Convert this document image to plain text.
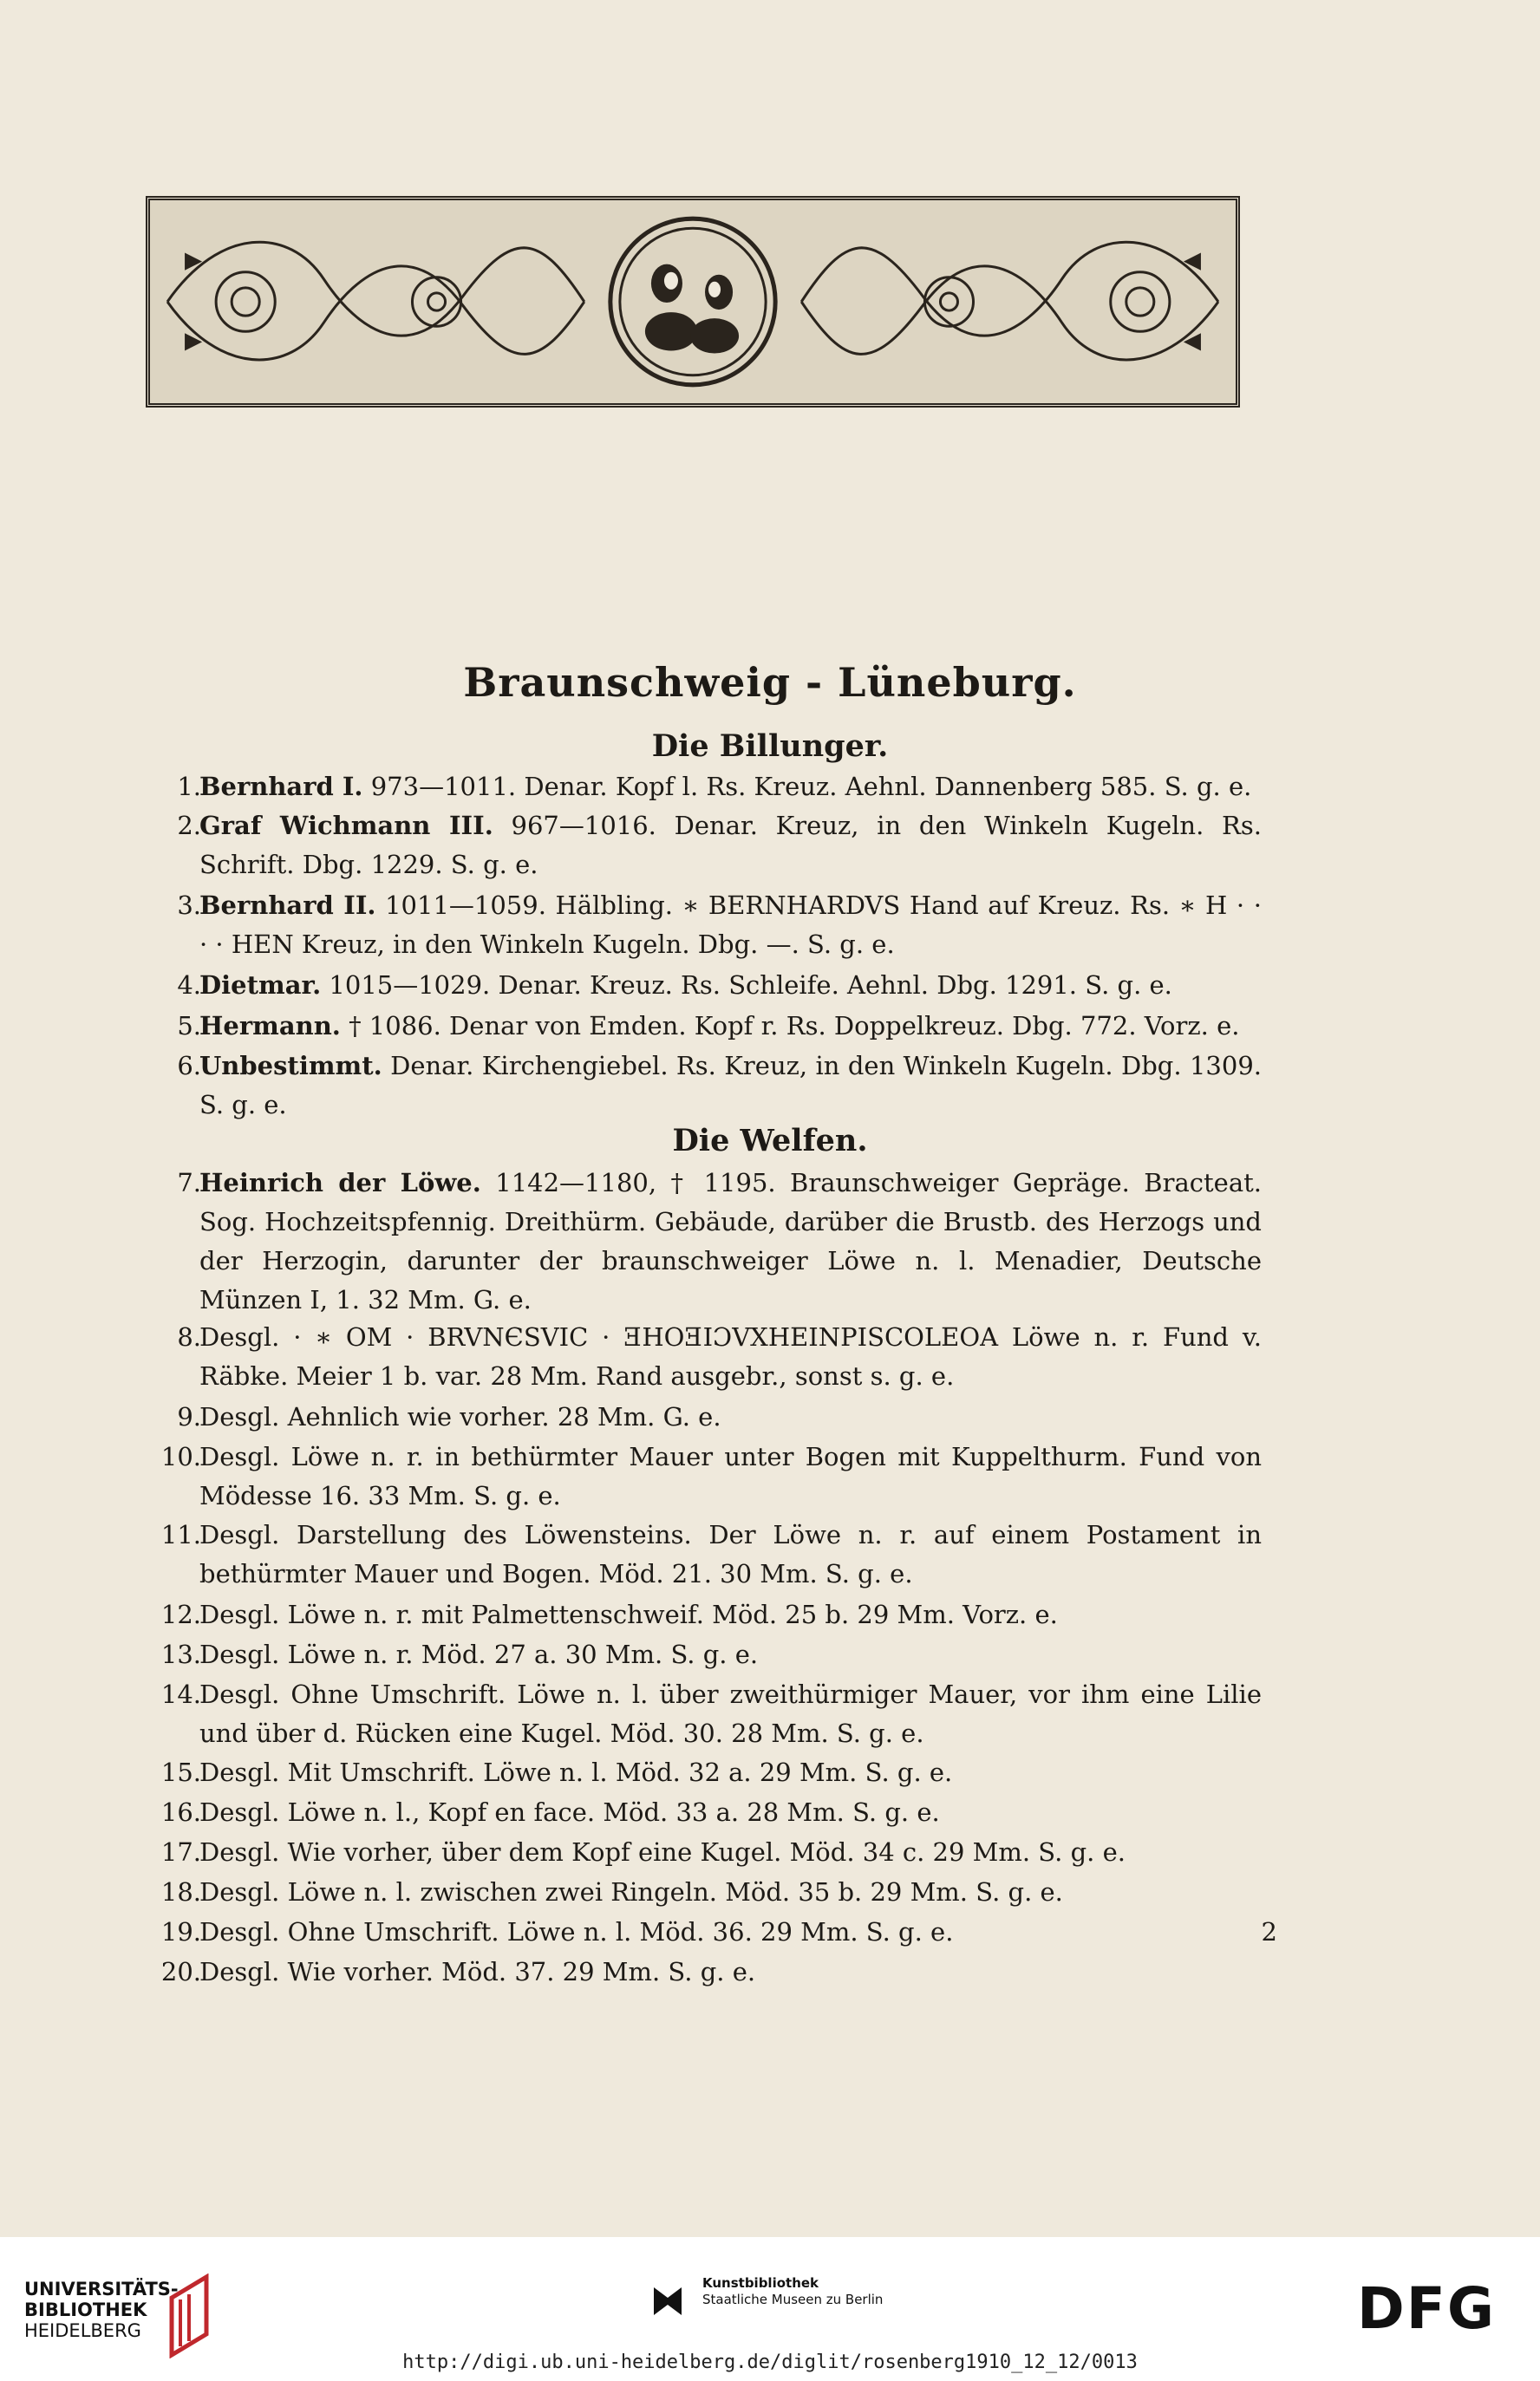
Braunschweig - Lüneburg.
Die Billunger.
1.
Bernhard I. 973—1011. Denar. Kopf l. Rs. Kreuz. Aehnl. Dannenberg 585. S. g. e.
2.
Graf Wichmann III. 967—1016. Denar. Kreuz, in den Winkeln Kugeln. Rs. Schrift. Dbg. 1229. S. g. e.
3.
Bernhard II. 1011—1059. Hälbling. ∗ BERNHARDVS Hand auf Kreuz. Rs. ∗ H · · · · HEN Kreuz, in den Winkeln Kugeln. Dbg. —. S. g. e.
4.
Dietmar. 1015—1029. Denar. Kreuz. Rs. Schleife. Aehnl. Dbg. 1291. S. g. e.
5.
Hermann. † 1086. Denar von Emden. Kopf r. Rs. Doppelkreuz. Dbg. 772. Vorz. e.
6.
Unbestimmt. Denar. Kirchengiebel. Rs. Kreuz, in den Winkeln Kugeln. Dbg. 1309. S. g. e.
Die Welfen.
7.
Heinrich der Löwe. 1142—1180, † 1195. Braunschweiger Gepräge. Bracteat. Sog. Hochzeitspfennig. Dreithürm. Gebäude, darüber die Brustb. des Herzogs und der Herzogin, darunter der braunschweiger Löwe n. l. Menadier, Deutsche Münzen I, 1. 32 Mm. G. e.
8.
Desgl. · ∗ OM · BRVNЄSVIC · ƎHOƎIƆVXHEINPISCOLEOA Löwe n. r. Fund v. Räbke. Meier 1 b. var. 28 Mm. Rand ausgebr., sonst s. g. e.
9.
Desgl. Aehnlich wie vorher. 28 Mm. G. e.
10.
Desgl. Löwe n. r. in bethürmter Mauer unter Bogen mit Kuppelthurm. Fund von Mödesse 16. 33 Mm. S. g. e.
11.
Desgl. Darstellung des Löwensteins. Der Löwe n. r. auf einem Postament in bethürmter Mauer und Bogen. Möd. 21. 30 Mm. S. g. e.
12.
Desgl. Löwe n. r. mit Palmettenschweif. Möd. 25 b. 29 Mm. Vorz. e.
13.
Desgl. Löwe n. r. Möd. 27 a. 30 Mm. S. g. e.
14.
Desgl. Ohne Umschrift. Löwe n. l. über zweithürmiger Mauer, vor ihm eine Lilie und über d. Rücken eine Kugel. Möd. 30. 28 Mm. S. g. e.
15.
Desgl. Mit Umschrift. Löwe n. l. Möd. 32 a. 29 Mm. S. g. e.
16.
Desgl. Löwe n. l., Kopf en face. Möd. 33 a. 28 Mm. S. g. e.
17.
Desgl. Wie vorher, über dem Kopf eine Kugel. Möd. 34 c. 29 Mm. S. g. e.
18.
Desgl. Löwe n. l. zwischen zwei Ringeln. Möd. 35 b. 29 Mm. S. g. e.
19.
Desgl. Ohne Umschrift. Löwe n. l. Möd. 36. 29 Mm. S. g. e.	2
20.
Desgl. Wie vorher. Möd. 37. 29 Mm. S. g. e.
UNIVERSITÄTS-
BIBLIOTHEK
HEIDELBERG
Kunstbibliothek
Staatliche Museen zu Berlin	DFG
http://digi.ub.uni-heidelberg.de/diglit/rosenberg1910_12_12/0013
